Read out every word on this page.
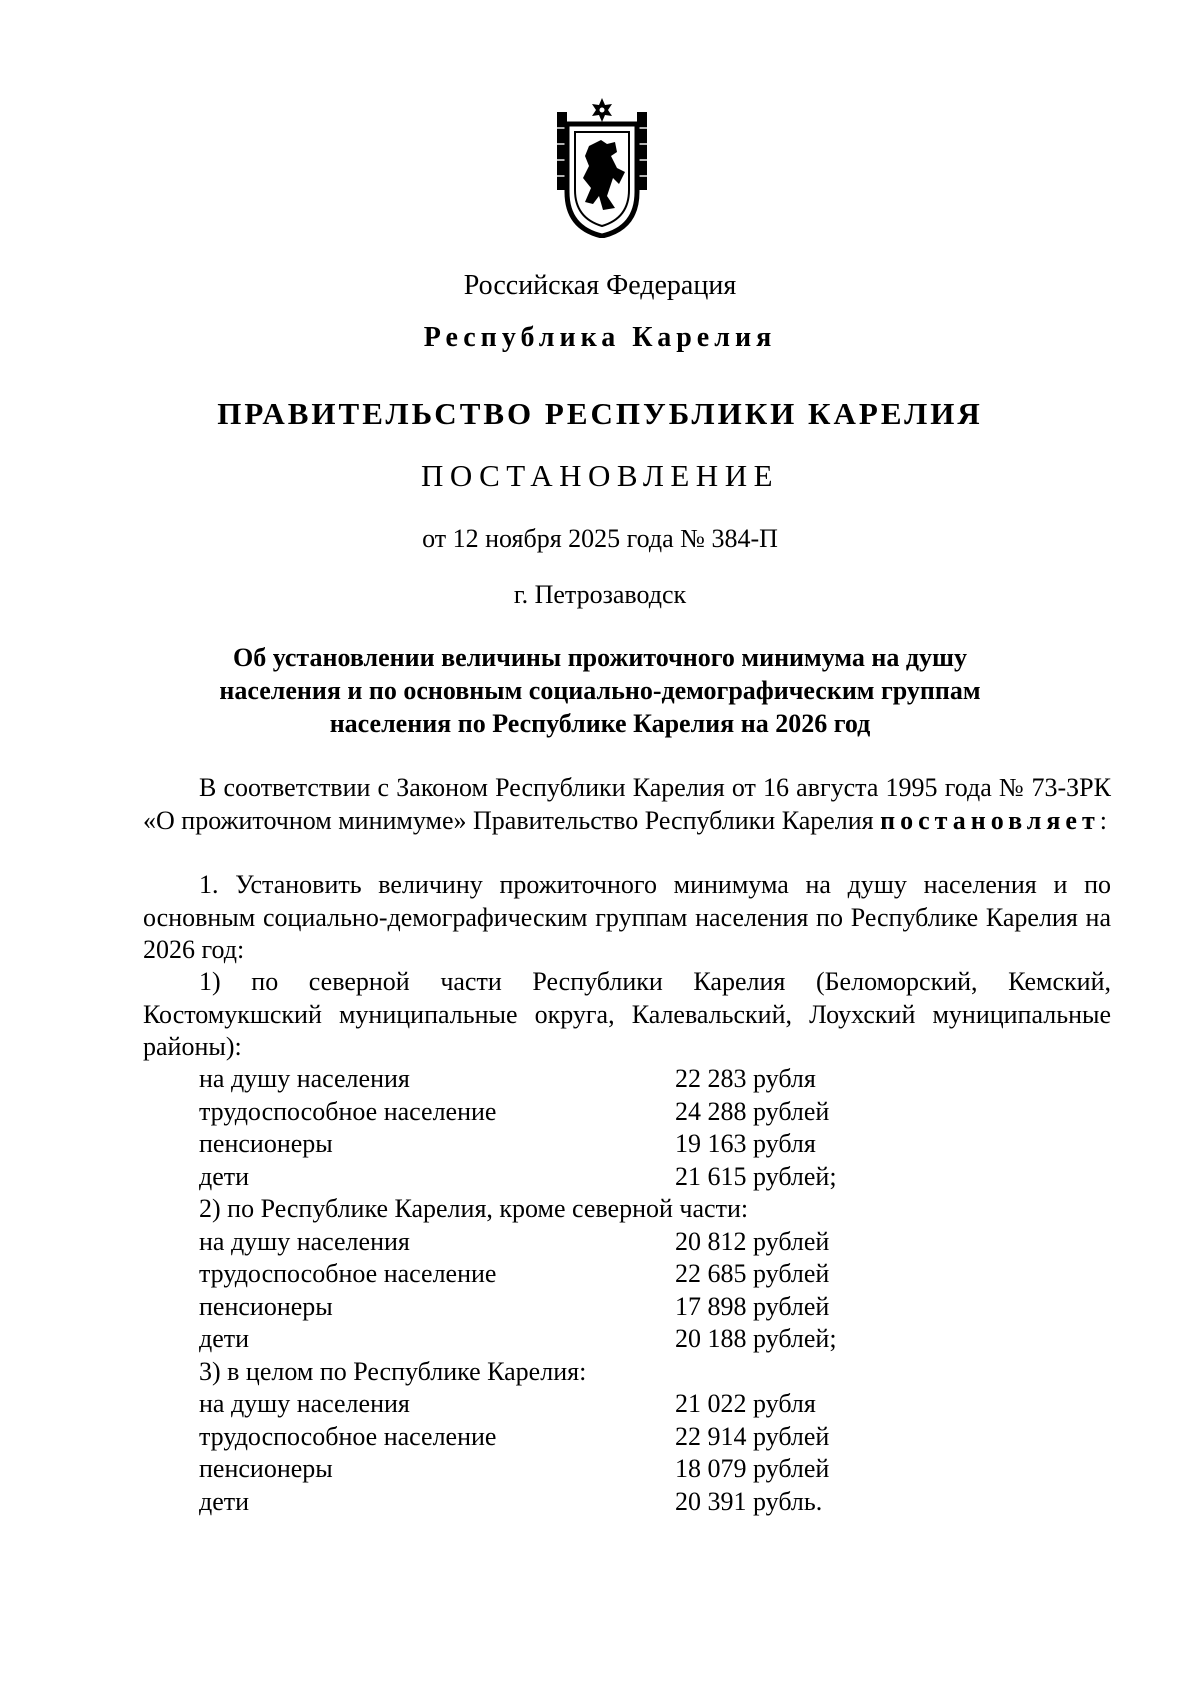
Российская Федерация
Республика Карелия
ПРАВИТЕЛЬСТВО РЕСПУБЛИКИ КАРЕЛИЯ
ПОСТАНОВЛЕНИЕ
от 12 ноября 2025 года № 384-П
г. Петрозаводск
Об установлении величины прожиточного минимума на душу
населения и по основным социально-демографическим группам
населения по Республике Карелия на 2026 год
В соответствии с Законом Республики Карелия от 16 августа 1995 года № 73-ЗРК «О прожиточном минимуме» Правительство Республики Карелия постановляет:
1. Установить величину прожиточного минимума на душу населения и по основным социально-демографическим группам населения по Республике Карелия на 2026 год:
1) по северной части Республики Карелия (Беломорский, Кемский, Костомукшский муниципальные округа, Калевальский, Лоухский муниципальные районы):
на душу населения	22 283 рубля
трудоспособное население	24 288 рублей
пенсионеры	19 163 рубля
дети	21 615 рублей;
2) по Республике Карелия, кроме северной части:
на душу населения	20 812 рублей
трудоспособное население	22 685 рублей
пенсионеры	17 898 рублей
дети	20 188 рублей;
3) в целом по Республике Карелия:
на душу населения	21 022 рубля
трудоспособное население	22 914 рублей
пенсионеры	18 079 рублей
дети	20 391 рубль.
